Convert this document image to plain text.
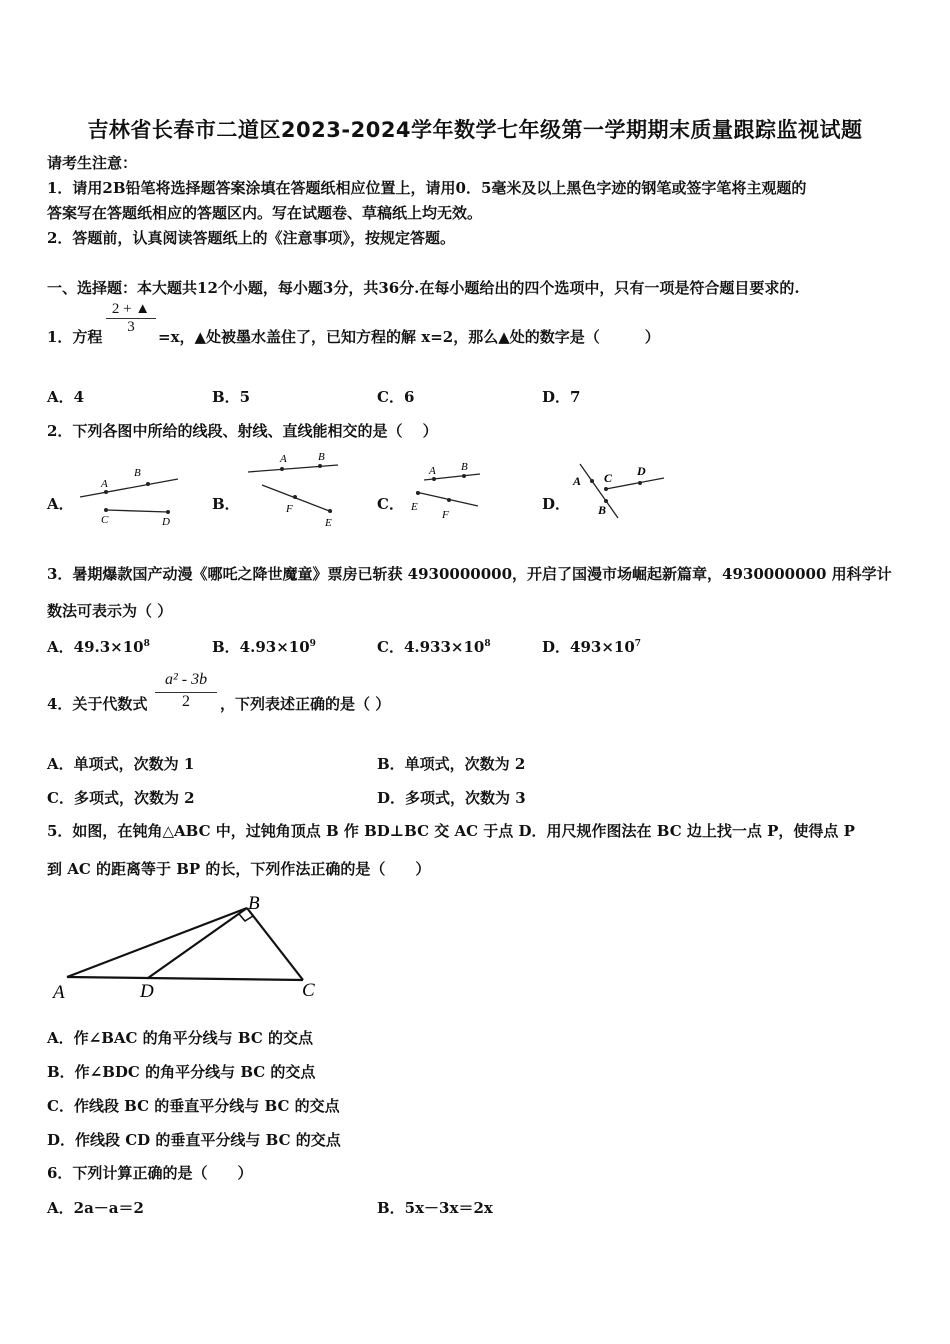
吉林省长春市二道区2023-2024学年数学七年级第一学期期末质量跟踪监视试题
请考生注意：
1．请用2B铅笔将选择题答案涂填在答题纸相应位置上，请用0．5毫米及以上黑色字迹的钢笔或签字笔将主观题的
答案写在答题纸相应的答题区内。写在试题卷、草稿纸上均无效。
2．答题前，认真阅读答题纸上的《注意事项》，按规定答题。
一、选择题：本大题共12个小题，每小题3分，共36分.在每小题给出的四个选项中，只有一项是符合题目要求的.
1．方程
2 + ▲
3
=x，▲处被墨水盖住了，已知方程的解 x=2，那么▲处的数字是（　　　）
A．4	B．5	C．6	D．7
2．下列各图中所给的线段、射线、直线能相交的是（　 ）
A．
A
B
C	D
B．
A	B
F
E
C．
A B
E
F
D．
A C D
B
3．暑期爆款国产动漫《哪吒之降世魔童》票房已斩获 4930000000，开启了国漫市场崛起新篇章，4930000000 用科学计
数法可表示为（ ）
A．$49.3\times 10^8$	B．$4.93\times 10^9$	C．$4.933\times 10^8$	D．$493\times 10^7$
4．关于代数式
a² - 3b
2	，下列表述正确的是（ ）
A．单项式，次数为 1	B．单项式，次数为 2
C．多项式，次数为 2	D．多项式，次数为 3
5．如图，在钝角△ABC 中，过钝角顶点 B 作 BD⊥BC 交 AC 于点 D．用尺规作图法在 BC 边上找一点 P，使得点 P
到 AC 的距离等于 BP 的长，下列作法正确的是（　　）
A
B
C
D
A．作∠BAC 的角平分线与 BC 的交点
B．作∠BDC 的角平分线与 BC 的交点
C．作线段 BC 的垂直平分线与 BC 的交点
D．作线段 CD 的垂直平分线与 BC 的交点
6．下列计算正确的是（　　）
A．2a－a＝2	B．5x－3x＝2x
